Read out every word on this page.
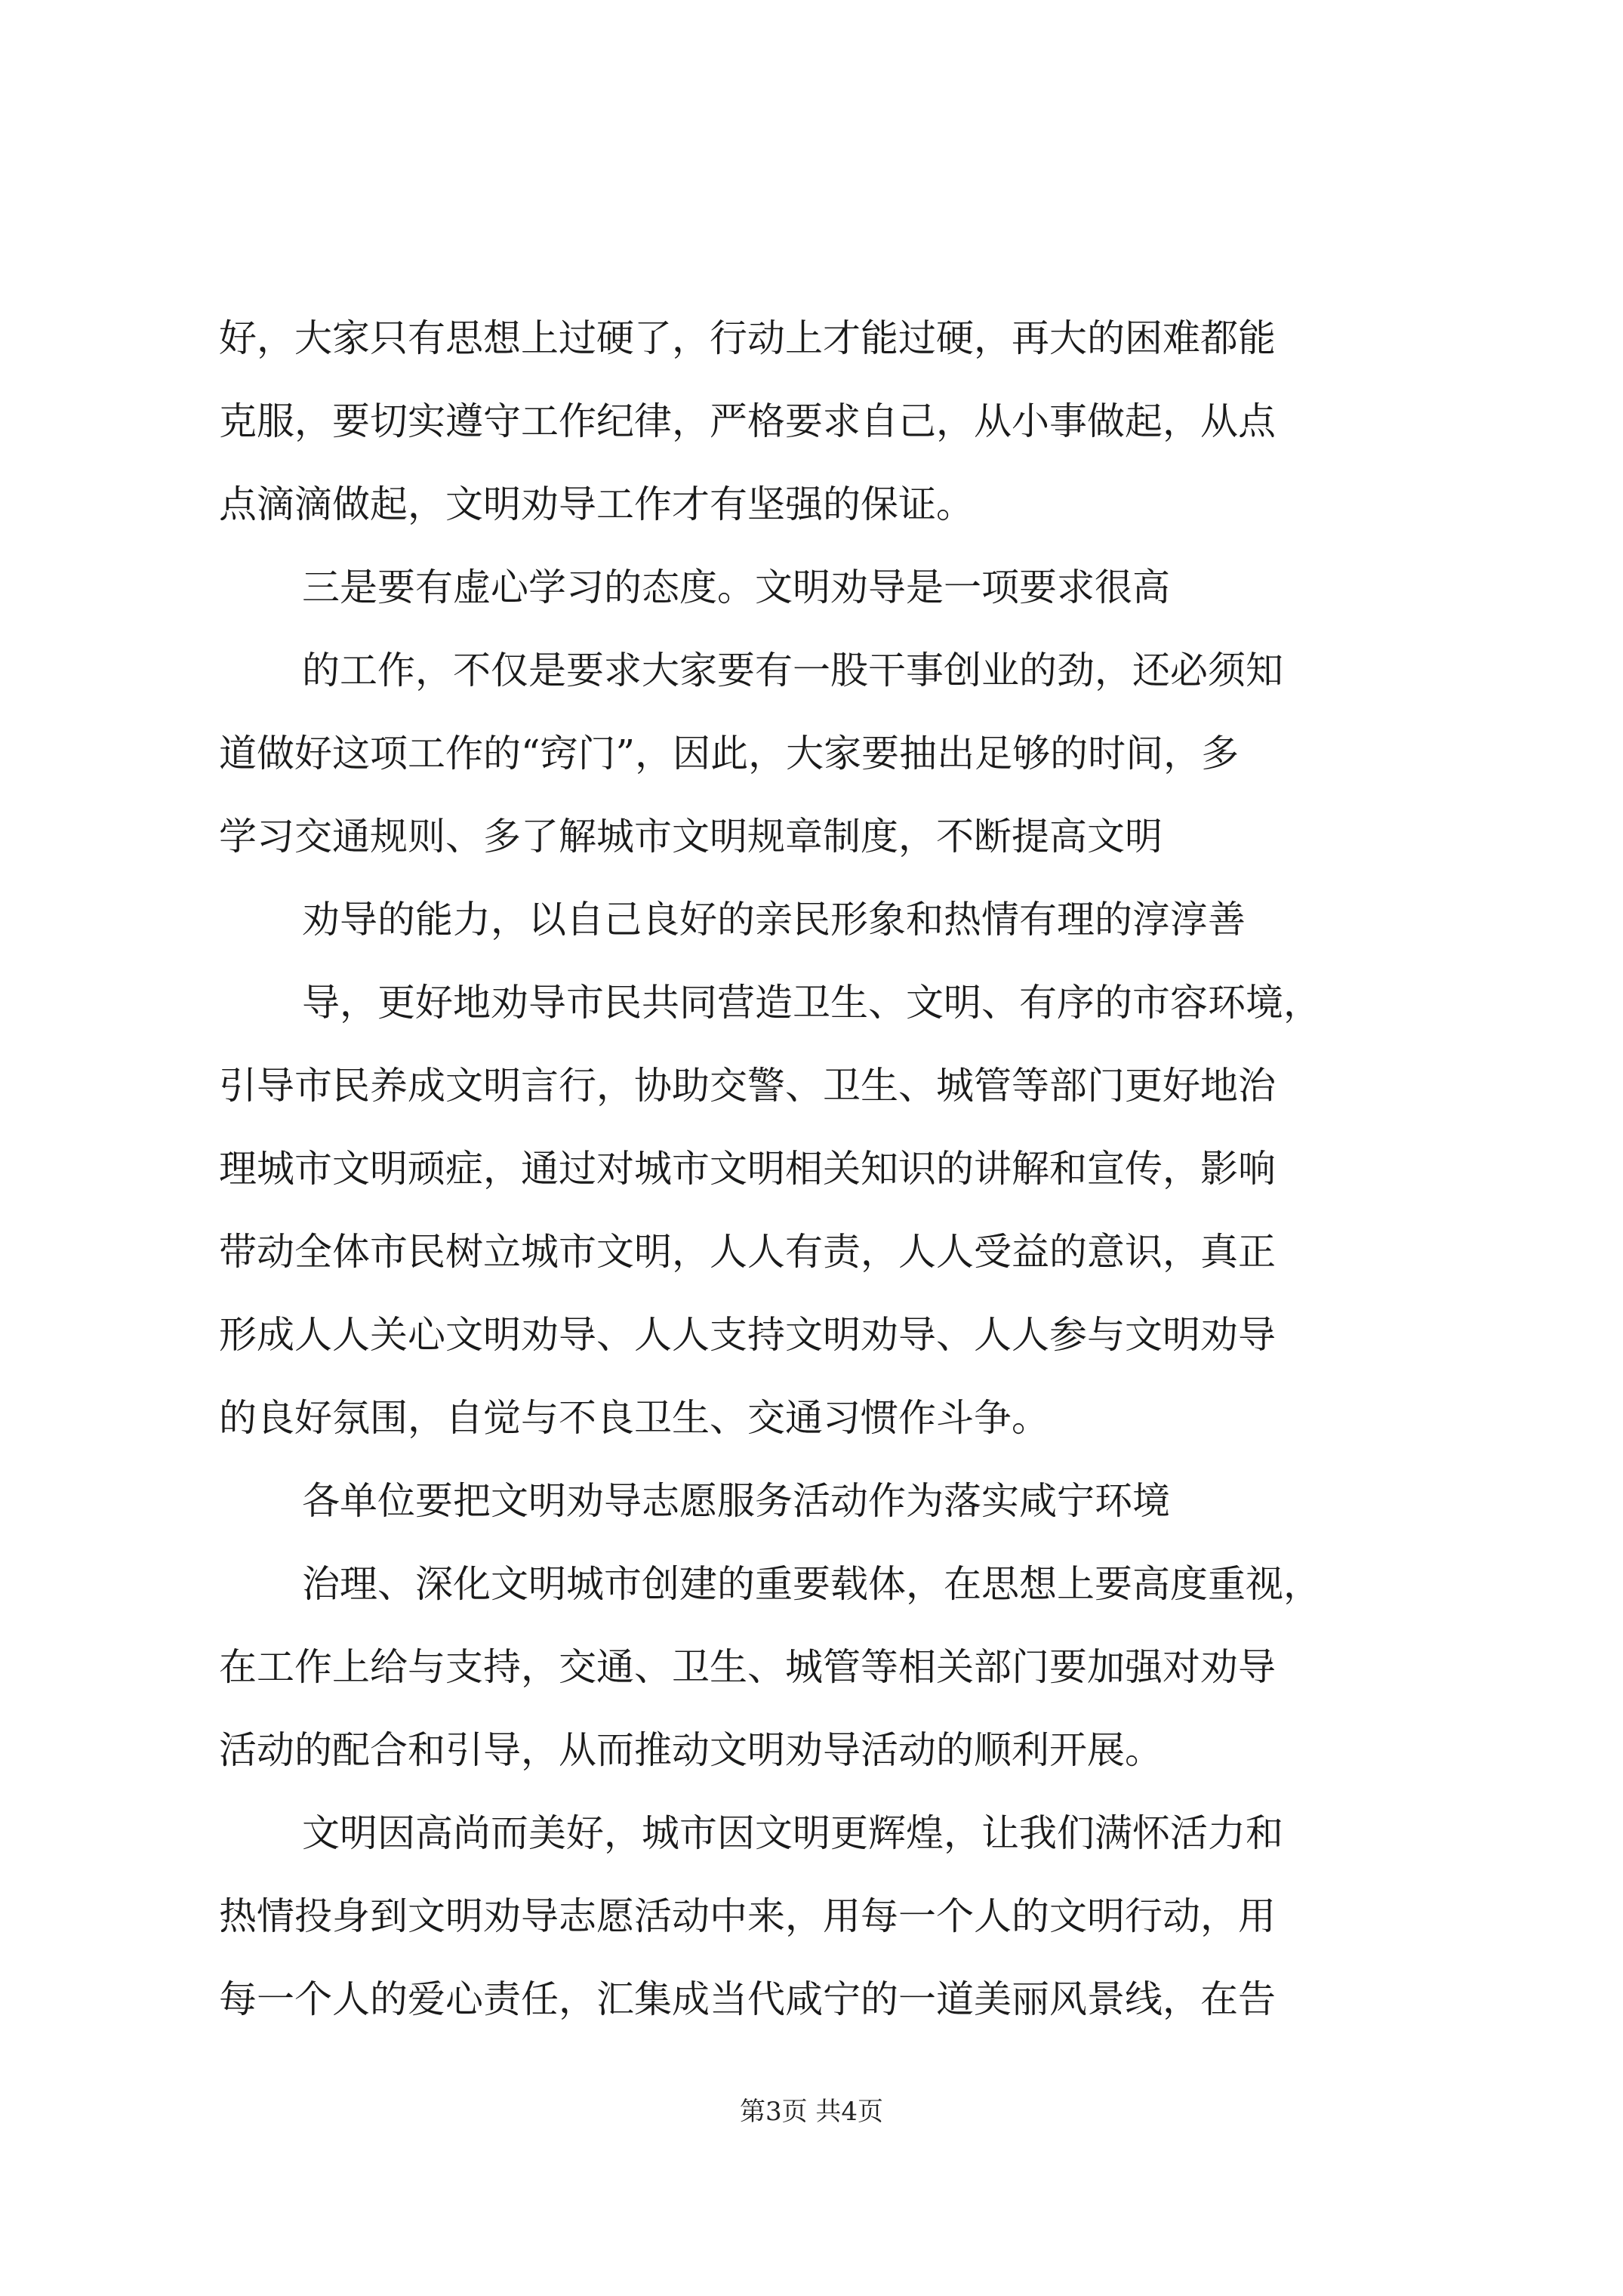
好，大家只有思想上过硬了，行动上才能过硬，再大的困难都能
克服，要切实遵守工作纪律，严格要求自己，从小事做起，从点
点滴滴做起，文明劝导工作才有坚强的保证。
三是要有虚心学习的态度。文明劝导是一项要求很高
的工作，不仅是要求大家要有一股干事创业的劲，还必须知
道做好这项工作的“窍门”，因此，大家要抽出足够的时间，多
学习交通规则、多了解城市文明规章制度，不断提高文明
劝导的能力，以自己良好的亲民形象和热情有理的淳淳善
导，更好地劝导市民共同营造卫生、文明、有序的市容环境，
引导市民养成文明言行，协助交警、卫生、城管等部门更好地治
理城市文明顽症，通过对城市文明相关知识的讲解和宣传，影响
带动全体市民树立城市文明，人人有责，人人受益的意识，真正
形成人人关心文明劝导、人人支持文明劝导、人人参与文明劝导
的良好氛围，自觉与不良卫生、交通习惯作斗争。
各单位要把文明劝导志愿服务活动作为落实咸宁环境
治理、深化文明城市创建的重要载体，在思想上要高度重视，
在工作上给与支持，交通、卫生、城管等相关部门要加强对劝导
活动的配合和引导，从而推动文明劝导活动的顺利开展。
文明因高尚而美好，城市因文明更辉煌，让我们满怀活力和
热情投身到文明劝导志愿活动中来，用每一个人的文明行动，用
每一个人的爱心责任，汇集成当代咸宁的一道美丽风景线，在告
第3页 共4页
